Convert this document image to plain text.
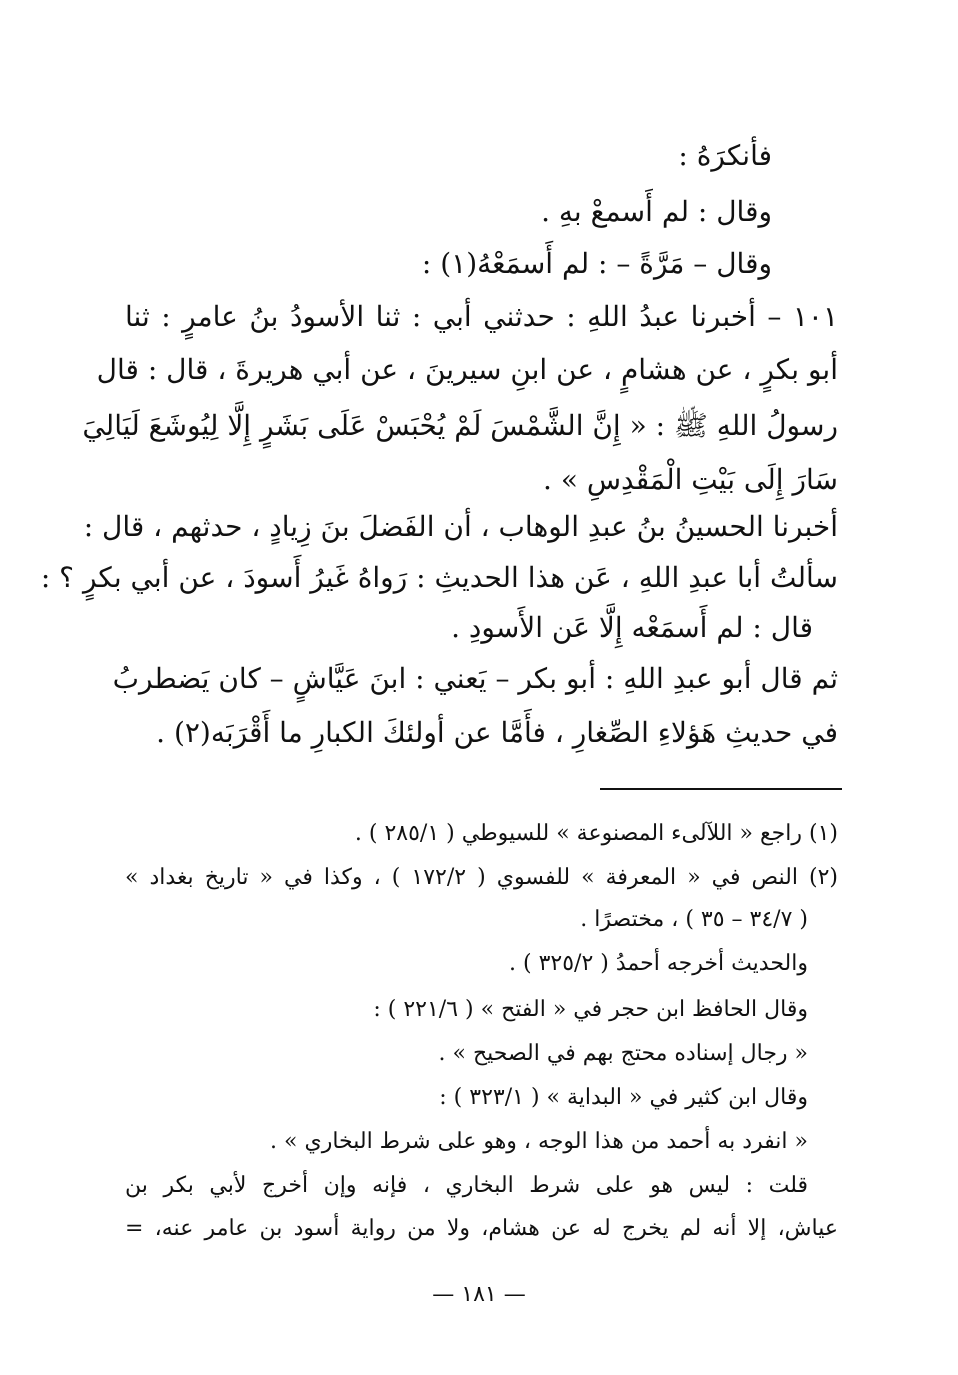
فأنكرَهُ :
وقال : لم أَسمعْ بهِ .
وقال – مَرَّةً – : لم أَسمَعْهُ(١) :
١٠١ – أخبرنا عبدُ اللهِ : حدثني أبي : ثنا الأسودُ بنُ عامرٍ : ثنا
أبو بكرٍ ، عن هشامٍ ، عن ابنِ سيرينَ ، عن أبي هريرةَ ، قال : قال
رسولُ اللهِ ﷺ : « إِنَّ الشَّمْسَ لَمْ يُحْبَسْ عَلَى بَشَرٍ إِلَّا لِيُوشَعَ لَيَالِيَ
سَارَ إِلَى بَيْتِ الْمَقْدِسِ » .
أخبرنا الحسينُ بنُ عبدِ الوهاب ، أن الفَضلَ بنَ زِيادٍ ، حدثهم ، قال :
سألتُ أبا عبدِ اللهِ ، عَن هذا الحديثِ : رَواهُ غَيرُ أَسودَ ، عن أبي بكرٍ ؟ :
قال : لم أَسمَعْه إِلَّا عَن الأَسودِ .
ثم قال أبو عبدِ اللهِ : أبو بكر – يَعني : ابنَ عَيَّاشٍ – كان يَضطربُ
في حديثِ هَؤلاءِ الصِّغارِ ، فأَمَّا عن أولئكَ الكبارِ ما أَقْرَبَه(٢) .
(١) راجع « اللآلىء المصنوعة » للسيوطي ( ٢٨٥/١ ) .
(٢) النص في « المعرفة » للفسوي ( ١٧٢/٢ ) ، وكذا في « تاريخ بغداد »
( ٣٤/٧ – ٣٥ ) ، مختصرًا .
والحديث أخرجه أحمدُ ( ٣٢٥/٢ ) .
وقال الحافظ ابن حجر في « الفتح » ( ٢٢١/٦ ) :
« رجال إسناده محتج بهم في الصحيح » .
وقال ابن كثير في « البداية » ( ٣٢٣/١ ) :
« انفرد به أحمد من هذا الوجه ، وهو على شرط البخاري » .
قلت : ليس هو على شرط البخاري ، فإنه وإن أخرج لأبي بكر بن
عياش، إلا أنه لم يخرج له عن هشام، ولا من رواية أسود بن عامر عنه، =
— ١٨١ —
